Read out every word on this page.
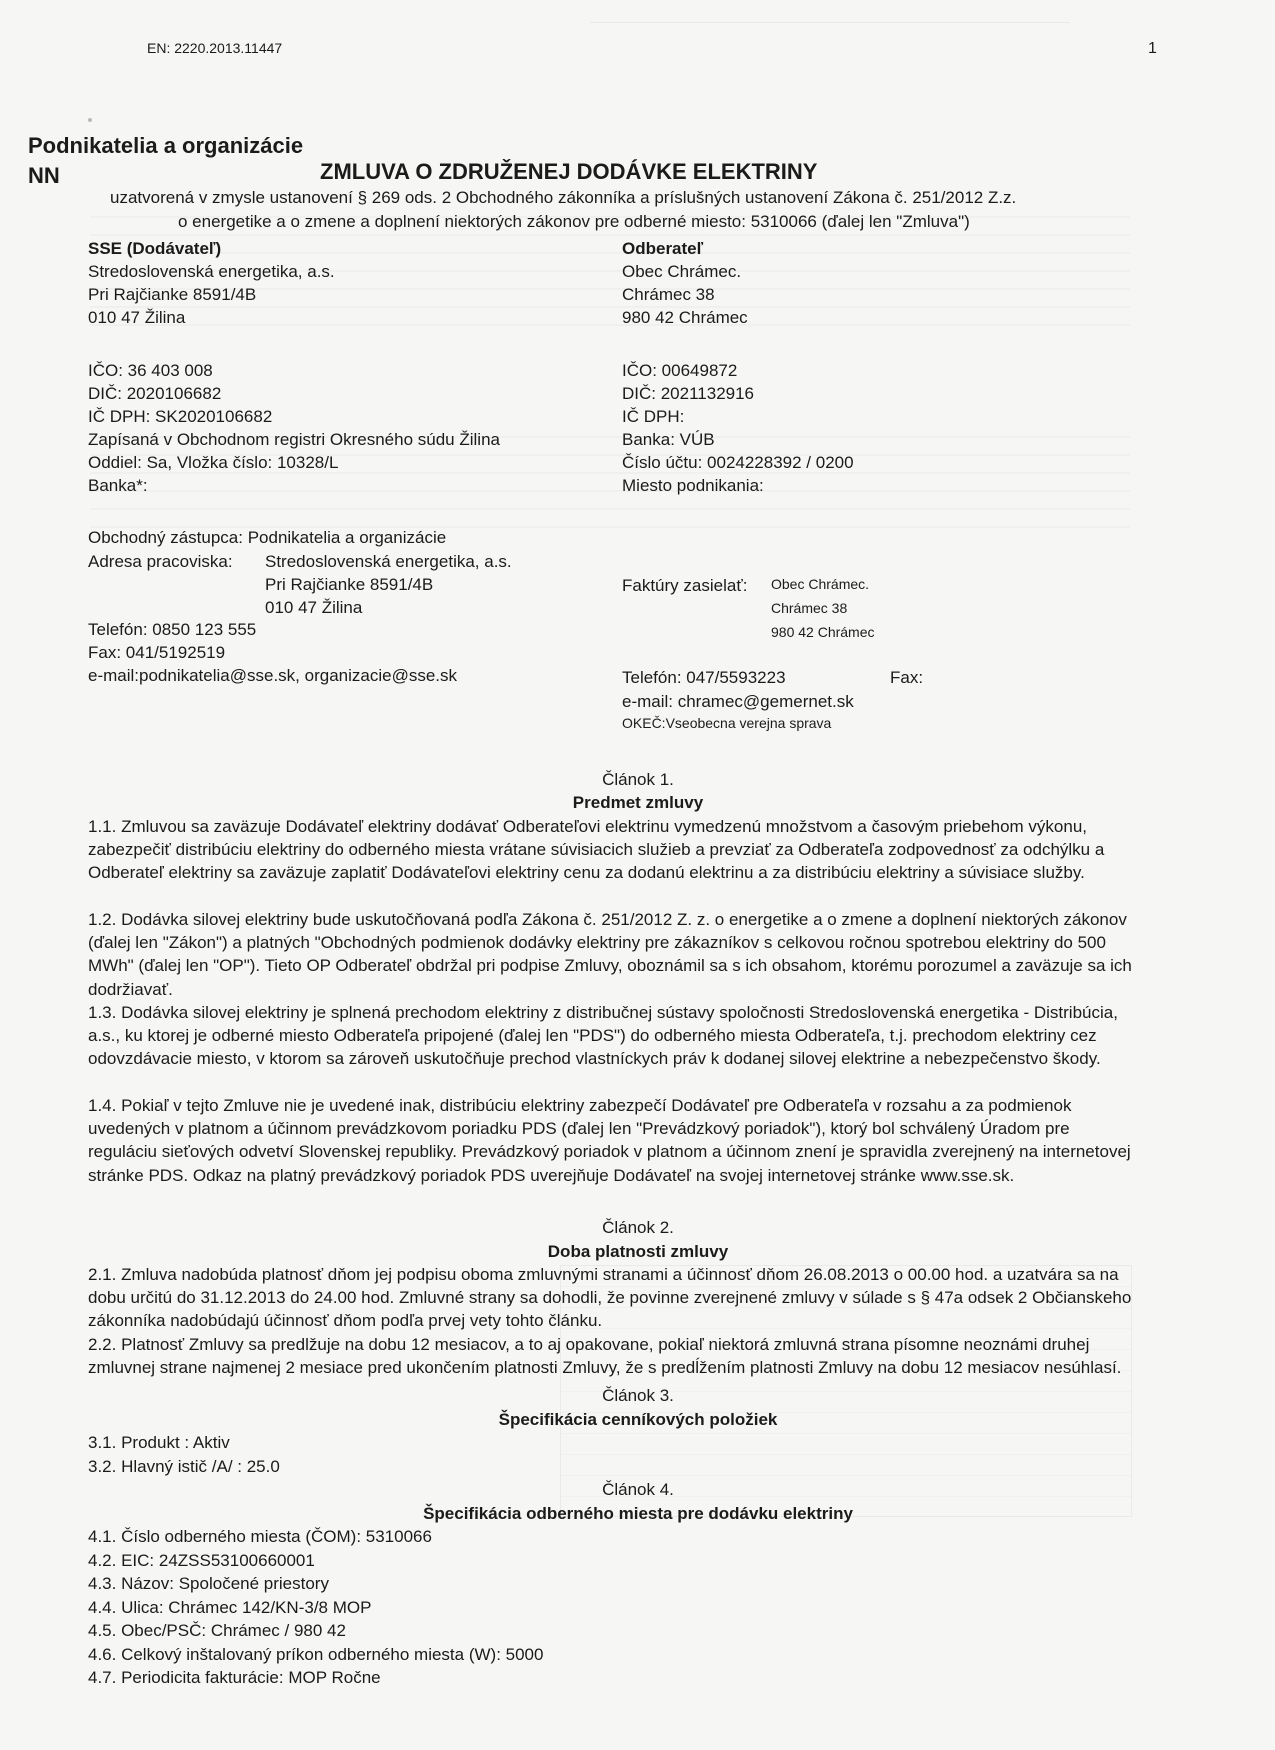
EN: 2220.2013.11447	1
Podnikatelia a organizácie
NN	ZMLUVA O ZDRUŽENEJ DODÁVKE ELEKTRINY
uzatvorená v zmysle ustanovení § 269 ods. 2 Obchodného zákonníka a príslušných ustanovení Zákona č. 251/2012 Z.z.
o energetike a o zmene a doplnení niektorých zákonov pre odberné miesto: 5310066 (ďalej len "Zmluva")
SSE (Dodávateľ)
Stredoslovenská energetika, a.s.
Pri Rajčianke 8591/4B
010 47 Žilina
IČO: 36 403 008
DIČ: 2020106682
IČ DPH: SK2020106682
Zapísaná v Obchodnom registri Okresného súdu Žilina
Oddiel: Sa, Vložka číslo: 10328/L
Banka*:
Obchodný zástupca: Podnikatelia a organizácie
Adresa pracoviska: Stredoslovenská energetika, a.s.
Pri Rajčianke 8591/4B
010 47 Žilina
Telefón: 0850 123 555
Fax: 041/5192519
e-mail:podnikatelia@sse.sk, organizacie@sse.sk
Odberateľ
Obec Chrámec.
Chrámec 38
980 42 Chrámec
IČO: 00649872
DIČ: 2021132916
IČ DPH:
Banka: VÚB
Číslo účtu: 0024228392 / 0200
Miesto podnikania:
Faktúry zasielať: Obec Chrámec.
Chrámec 38
980 42 Chrámec
Telefón: 047/5593223	Fax:
e-mail: chramec@gemernet.sk
OKEČ:Vseobecna verejna sprava
Článok 1.
Predmet zmluvy
1.1. Zmluvou sa zaväzuje Dodávateľ elektriny dodávať Odberateľovi elektrinu vymedzenú množstvom a časovým priebehom výkonu, zabezpečiť distribúciu elektriny do odberného miesta vrátane súvisiacich služieb a prevziať za Odberateľa zodpovednosť za odchýlku a Odberateľ elektriny sa zaväzuje zaplatiť Dodávateľovi elektriny cenu za dodanú elektrinu a za distribúciu elektriny a súvisiace služby.
1.2. Dodávka silovej elektriny bude uskutočňovaná podľa Zákona č. 251/2012 Z. z. o energetike a o zmene a doplnení niektorých zákonov (ďalej len "Zákon") a platných "Obchodných podmienok dodávky elektriny pre zákazníkov s celkovou ročnou spotrebou elektriny do 500 MWh" (ďalej len "OP"). Tieto OP Odberateľ obdržal pri podpise Zmluvy, oboznámil sa s ich obsahom, ktorému porozumel a zaväzuje sa ich dodržiavať.
1.3. Dodávka silovej elektriny je splnená prechodom elektriny z distribučnej sústavy spoločnosti Stredoslovenská energetika - Distribúcia, a.s., ku ktorej je odberné miesto Odberateľa pripojené (ďalej len "PDS") do odberného miesta Odberateľa, t.j. prechodom elektriny cez odovzdávacie miesto, v ktorom sa zároveň uskutočňuje prechod vlastníckych práv k dodanej silovej elektrine a nebezpečenstvo škody.
1.4. Pokiaľ v tejto Zmluve nie je uvedené inak, distribúciu elektriny zabezpečí Dodávateľ pre Odberateľa v rozsahu a za podmienok uvedených v platnom a účinnom prevádzkovom poriadku PDS (ďalej len "Prevádzkový poriadok"), ktorý bol schválený Úradom pre reguláciu sieťových odvetví Slovenskej republiky. Prevádzkový poriadok v platnom a účinnom znení je spravidla zverejnený na internetovej stránke PDS. Odkaz na platný prevádzkový poriadok PDS uverejňuje Dodávateľ na svojej internetovej stránke www.sse.sk.
Článok 2.
Doba platnosti zmluvy
2.1. Zmluva nadobúda platnosť dňom jej podpisu oboma zmluvnými stranami a účinnosť dňom 26.08.2013 o 00.00 hod. a uzatvára sa na dobu určitú do 31.12.2013 do 24.00 hod. Zmluvné strany sa dohodli, že povinne zverejnené zmluvy v súlade s § 47a odsek 2 Občianskeho zákonníka nadobúdajú účinnosť dňom podľa prvej vety tohto článku.
2.2. Platnosť Zmluvy sa predlžuje na dobu 12 mesiacov, a to aj opakovane, pokiaľ niektorá zmluvná strana písomne neoznámi druhej zmluvnej strane najmenej 2 mesiace pred ukončením platnosti Zmluvy, že s predĺžením platnosti Zmluvy na dobu 12 mesiacov nesúhlasí.
Článok 3.
Špecifikácia cenníkových položiek
3.1. Produkt : Aktiv
3.2. Hlavný istič /A/ : 25.0
Článok 4.
Špecifikácia odberného miesta pre dodávku elektriny
4.1. Číslo odberného miesta (ČOM): 5310066
4.2. EIC: 24ZSS53100660001
4.3. Názov: Spoločené priestory
4.4. Ulica: Chrámec 142/KN-3/8 MOP
4.5. Obec/PSČ: Chrámec / 980 42
4.6. Celkový inštalovaný príkon odberného miesta (W): 5000
4.7. Periodicita fakturácie: MOP Ročne
